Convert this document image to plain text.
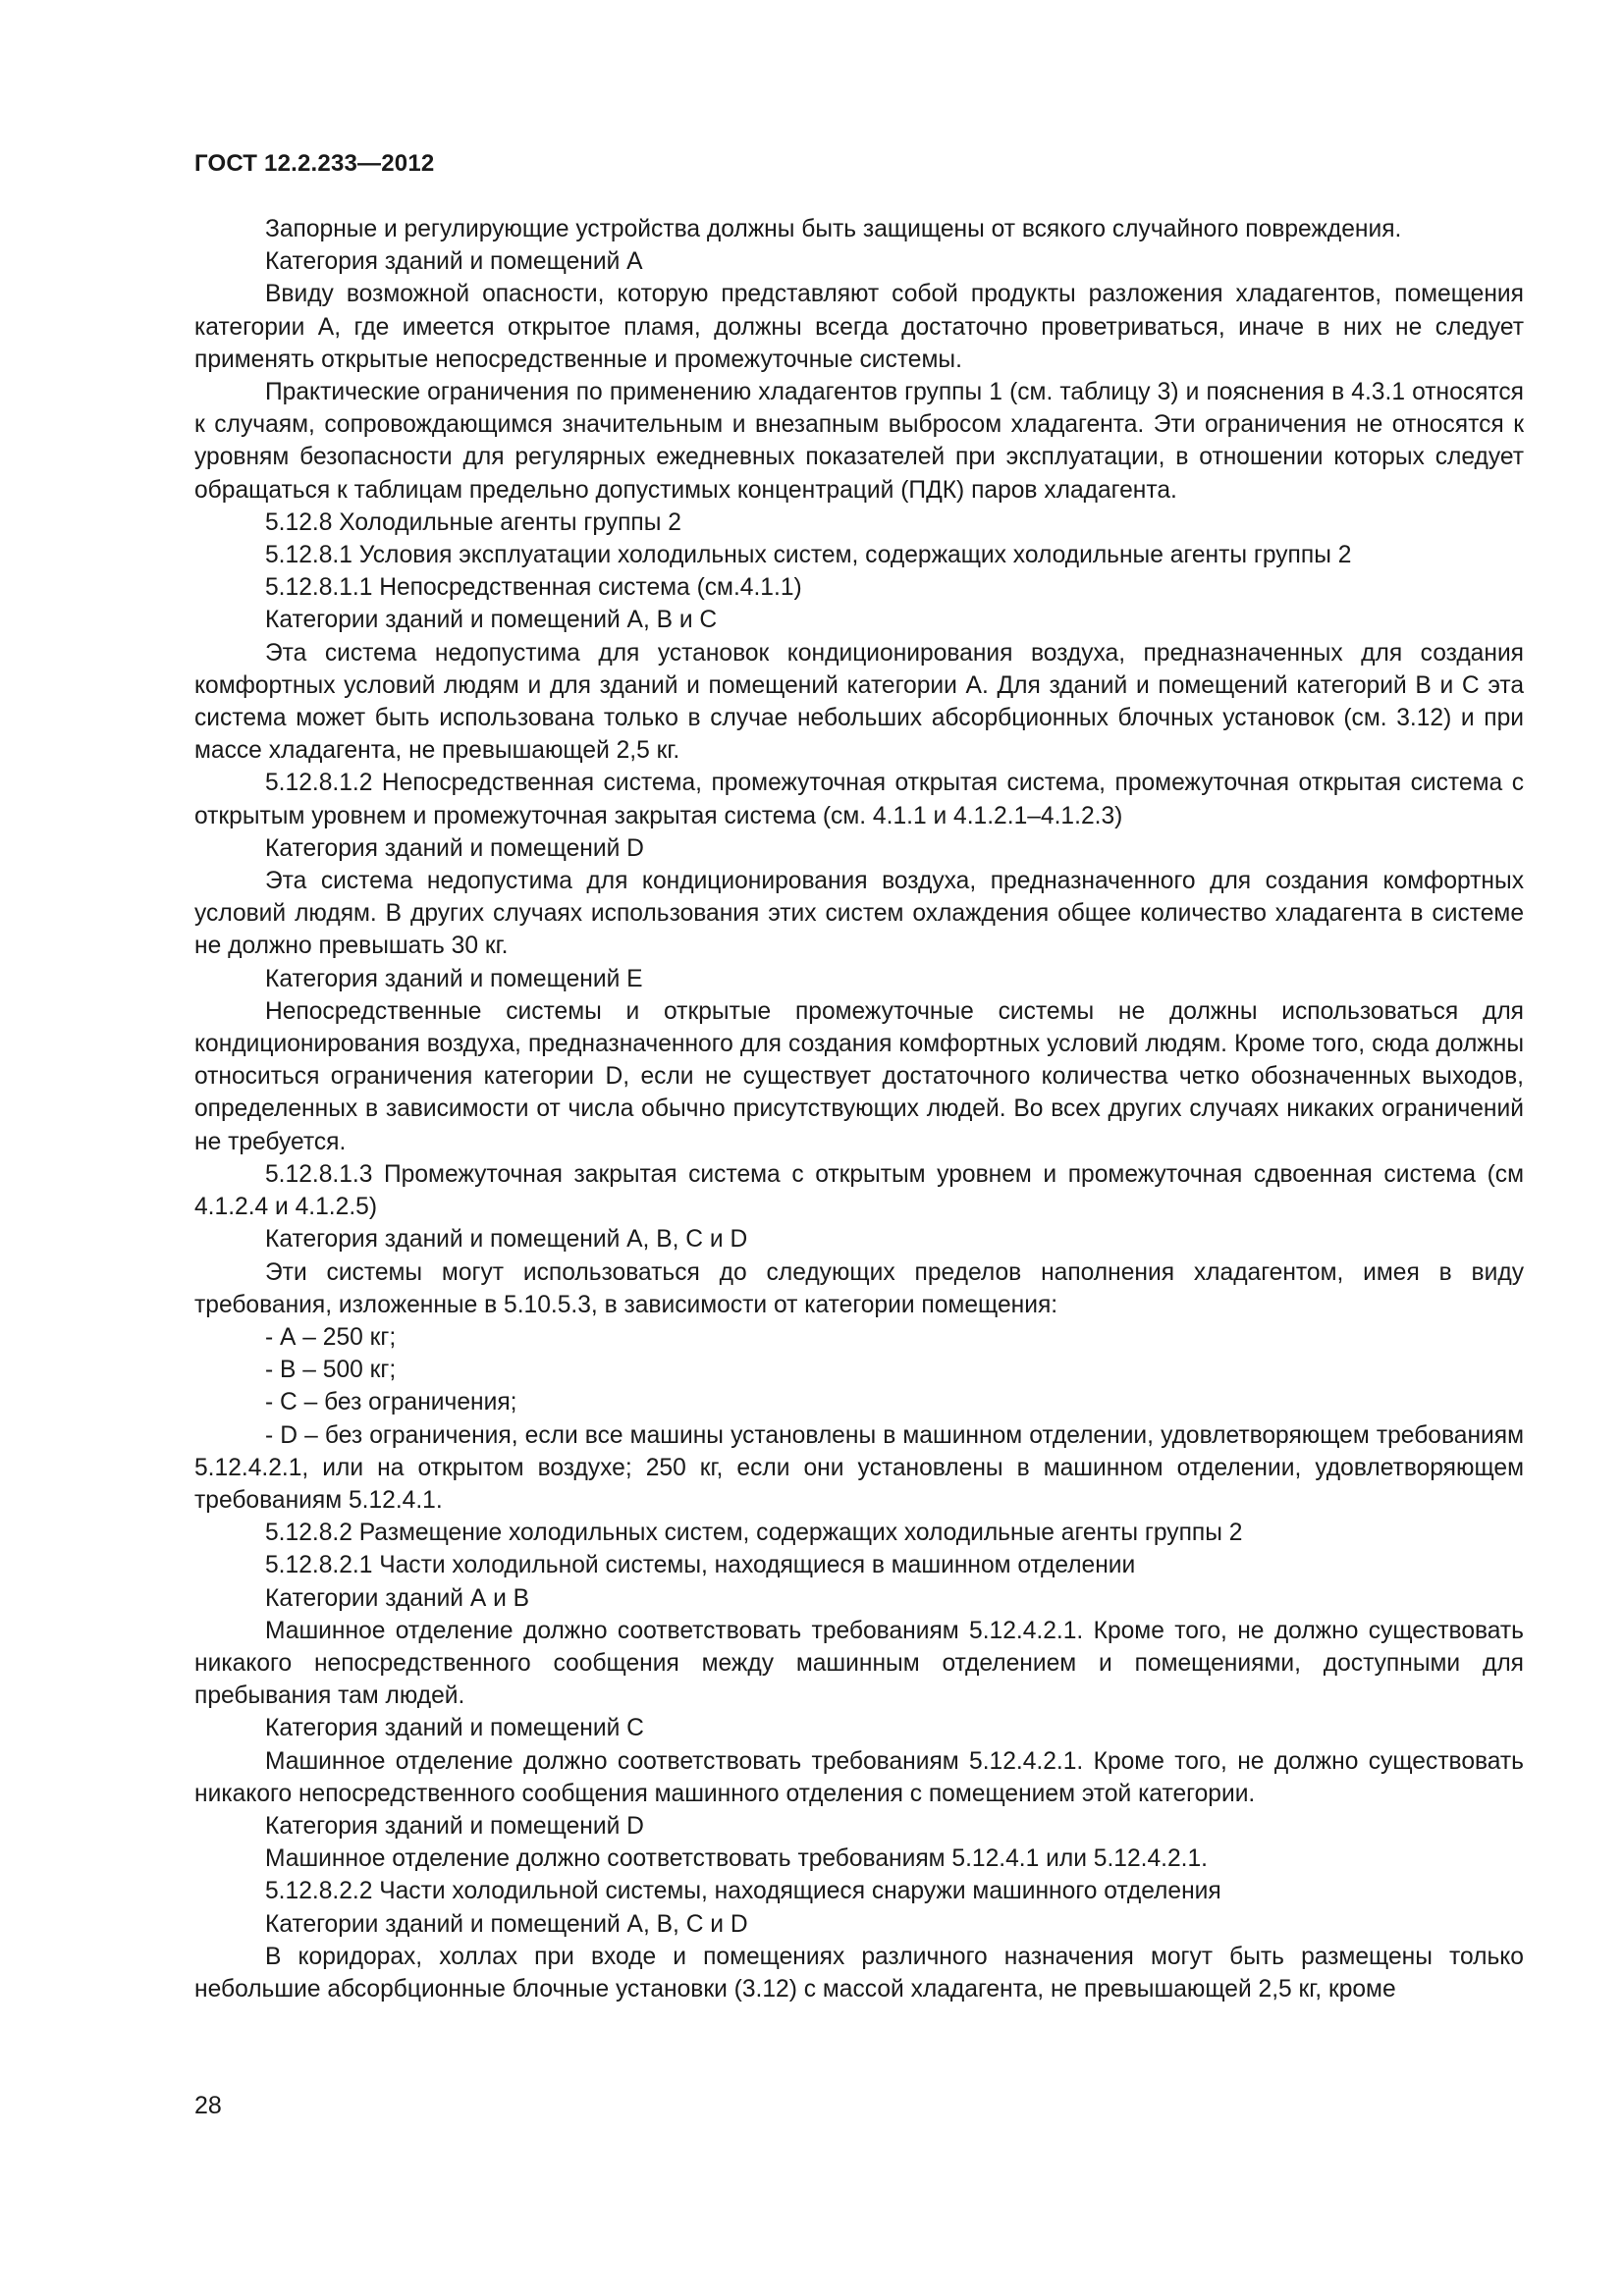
ГОСТ 12.2.233—2012

Запорные и регулирующие устройства должны быть защищены от всякого случайного повреждения.

Категория зданий и помещений А

Ввиду возможной опасности, которую представляют собой продукты разложения хладагентов, помещения категории А, где имеется открытое пламя, должны всегда достаточно проветриваться, иначе в них не следует применять открытые непосредственные и промежуточные системы.

Практические ограничения по применению хладагентов группы 1 (см. таблицу 3) и пояснения в 4.3.1 относятся к случаям, сопровождающимся значительным и внезапным выбросом хладагента. Эти ограничения не относятся к уровням безопасности для регулярных ежедневных показателей при эксплуатации, в отношении которых следует обращаться к таблицам предельно допустимых концентраций (ПДК) паров хладагента.

5.12.8 Холодильные агенты группы 2

5.12.8.1 Условия эксплуатации холодильных систем, содержащих холодильные агенты группы 2

5.12.8.1.1 Непосредственная система (см.4.1.1)

Категории зданий и помещений А, В и С

Эта система недопустима для установок кондиционирования воздуха, предназначенных для создания комфортных условий людям и для зданий и помещений категории А. Для зданий и помещений категорий В и С эта система может быть использована только в случае небольших абсорбционных блочных установок (см. 3.12) и при массе хладагента, не превышающей 2,5 кг.

5.12.8.1.2 Непосредственная система, промежуточная открытая система, промежуточная открытая система с открытым уровнем и промежуточная закрытая система (см. 4.1.1 и 4.1.2.1–4.1.2.3)

Категория зданий и помещений D

Эта система недопустима для кондиционирования воздуха, предназначенного для создания комфортных условий людям. В других случаях использования этих систем охлаждения общее количество хладагента в системе не должно превышать 30 кг.

Категория зданий и помещений Е

Непосредственные системы и открытые промежуточные системы не должны использоваться для кондиционирования воздуха, предназначенного для создания комфортных условий людям. Кроме того, сюда должны относиться ограничения категории D, если не существует достаточного количества четко обозначенных выходов, определенных в зависимости от числа обычно присутствующих людей. Во всех других случаях никаких ограничений не требуется.

5.12.8.1.3 Промежуточная закрытая система с открытым уровнем и промежуточная сдвоенная система (см 4.1.2.4 и 4.1.2.5)

Категория зданий и помещений А, В, С и D

Эти системы могут использоваться до следующих пределов наполнения хладагентом, имея в виду требования, изложенные в 5.10.5.3, в зависимости от категории помещения:

- А – 250 кг;

- В – 500 кг;

- С – без ограничения;

- D – без ограничения, если все машины установлены в машинном отделении, удовлетворяющем требованиям 5.12.4.2.1, или на открытом воздухе; 250 кг, если они установлены в машинном отделении, удовлетворяющем требованиям 5.12.4.1.

5.12.8.2 Размещение холодильных систем, содержащих холодильные агенты группы 2

5.12.8.2.1 Части холодильной системы, находящиеся в машинном отделении

Категории зданий А и В

Машинное отделение должно соответствовать требованиям 5.12.4.2.1. Кроме того, не должно существовать никакого непосредственного сообщения между машинным отделением и помещениями, доступными для пребывания там людей.

Категория зданий и помещений С

Машинное отделение должно соответствовать требованиям 5.12.4.2.1. Кроме того, не должно существовать никакого непосредственного сообщения машинного отделения с помещением этой категории.

Категория зданий и помещений D

Машинное отделение должно соответствовать требованиям 5.12.4.1 или 5.12.4.2.1.

5.12.8.2.2 Части холодильной системы, находящиеся снаружи машинного отделения

Категории зданий и помещений А, В, С и D

В коридорах, холлах при входе и помещениях различного назначения могут быть размещены только небольшие абсорбционные блочные установки (3.12) с массой хладагента, не превышающей 2,5 кг, кроме

28
